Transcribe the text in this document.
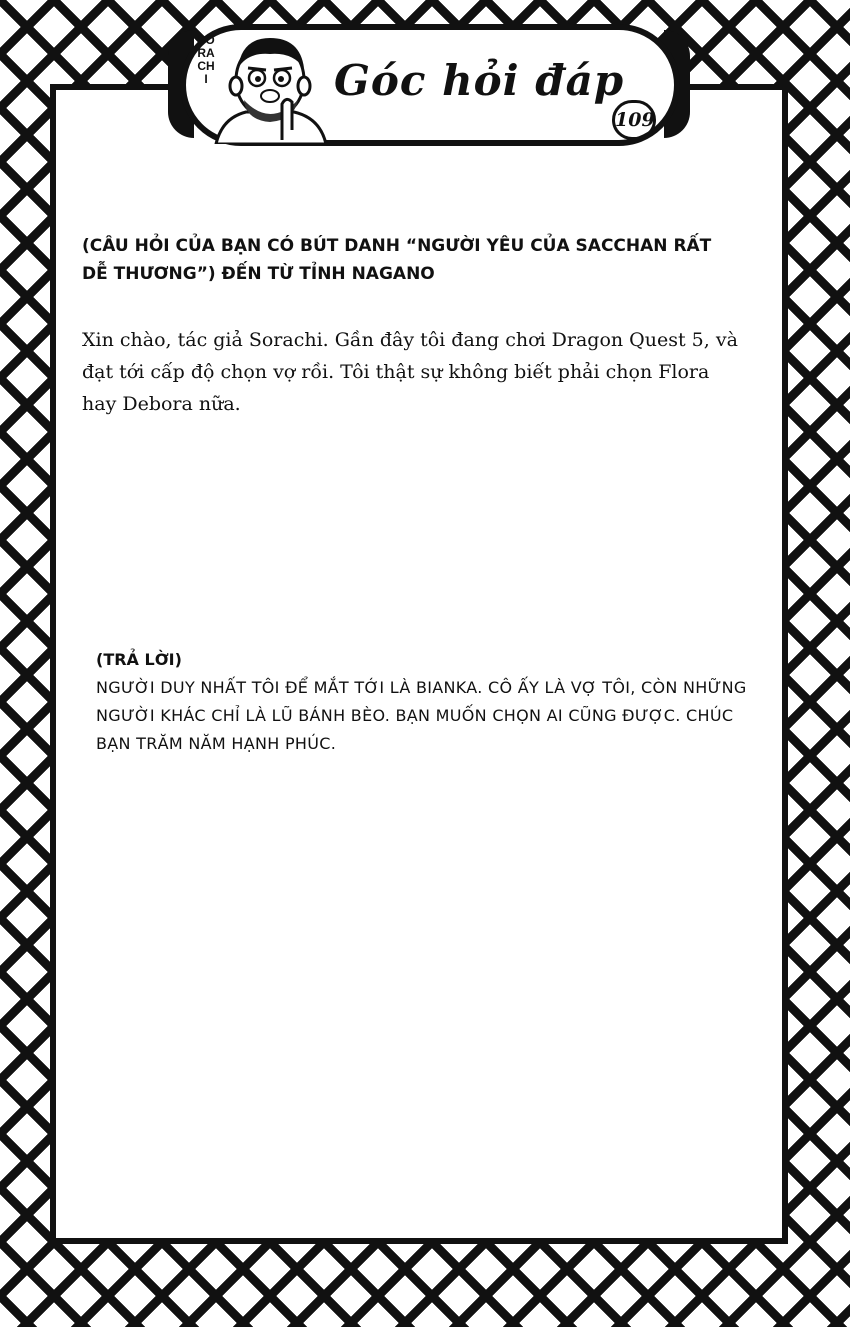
SORACHI	Góc hỏi đáp
109
(CÂU HỎI CỦA BẠN CÓ BÚT DANH “NGƯỜI YÊU CỦA SACCHAN RẤT DỄ THƯƠNG”) ĐẾN TỪ TỈNH NAGANO
Xin chào, tác giả Sorachi. Gần đây tôi đang chơi Dragon Quest 5, và đạt tới cấp độ chọn vợ rồi. Tôi thật sự không biết phải chọn Flora hay Debora nữa.
(TRẢ LỜI)
NGƯỜI DUY NHẤT TÔI ĐỂ MẮT TỚI LÀ BIANKA. CÔ ẤY LÀ VỢ TÔI, CÒN NHỮNG NGƯỜI KHÁC CHỈ LÀ LŨ BÁNH BÈO. BẠN MUỐN CHỌN AI CŨNG ĐƯỢC. CHÚC BẠN TRĂM NĂM HẠNH PHÚC.
